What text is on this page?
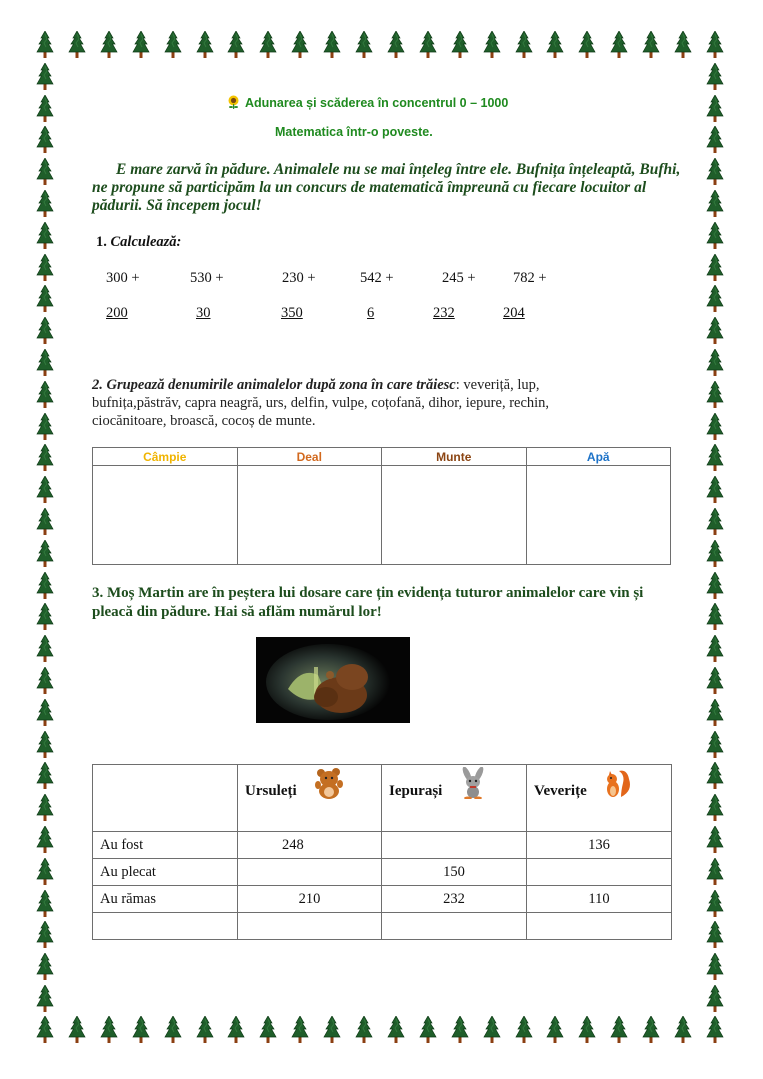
Adunarea și scăderea în concentrul 0 – 1000
Matematica într-o poveste.
E mare zarvă în pădure. Animalele nu se mai înțeleg între ele. Bufnița înțeleaptă, Bufhi, ne propune să participăm la un concurs de matematică împreună cu fiecare locuitor al pădurii. Să începem jocul!
1. Calculează:
300 +	530 +	230 +	542 +	245 +	782 +
200	30	350	6	232	204
2. Grupează denumirile animalelor după zona în care trăiesc: veveriță, lup, bufnița,păstrăv, capra neagră, urs, delfin, vulpe, coțofană, dihor, iepure, rechin, ciocănitoare, broască, cocoș de munte.
Câmpie	Deal	Munte	Apă

3. Moș Martin are în peștera lui dosare care țin evidența tuturor animalelor care vin și pleacă din pădure. Hai să aflăm numărul lor!

	Ursuleți	Iepurași	Veverițe

Au fost	248		136
Au plecat		150	
Au rămas	210	232	110
